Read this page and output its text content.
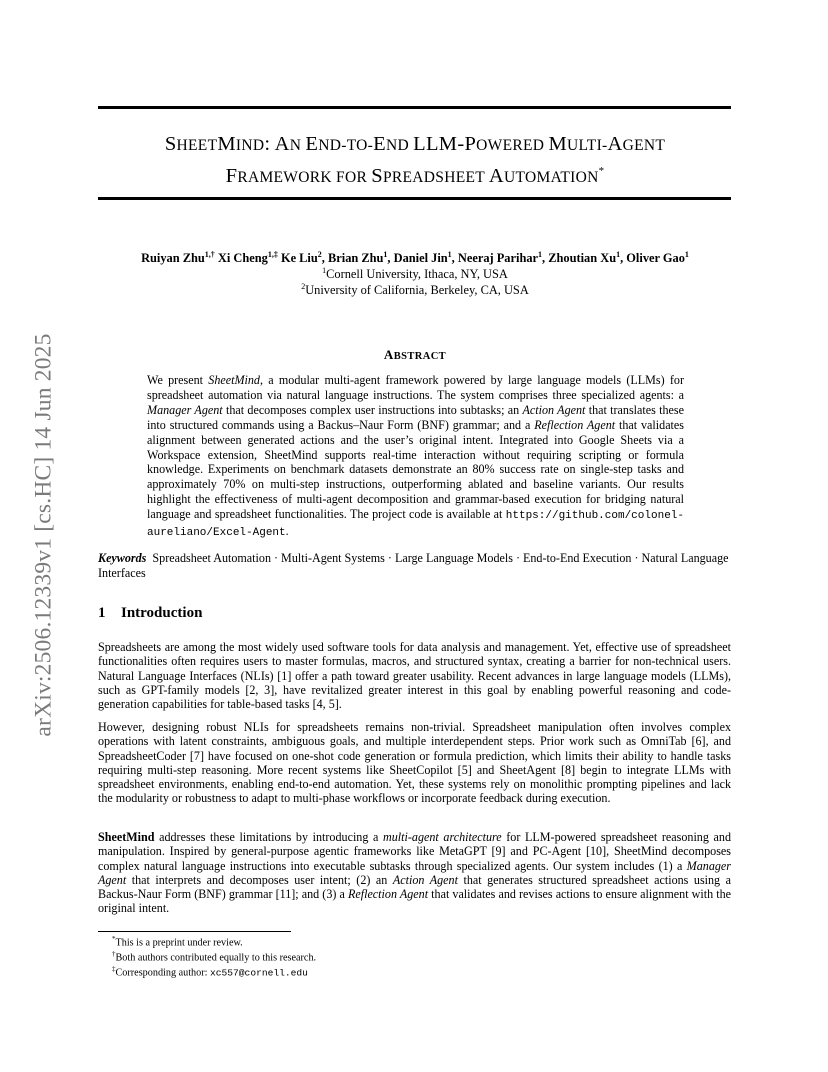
arXiv:2506.12339v1 [cs.HC] 14 Jun 2025
SHEETMIND: AN END-TO-END LLM-POWERED MULTI-AGENT
FRAMEWORK FOR SPREADSHEET AUTOMATION*
Ruiyan Zhu$^{1,\dagger}$ Xi Cheng$^{1,\ddagger}$ Ke Liu$^2$, Brian Zhu$^1$, Daniel Jin$^1$, Neeraj Parihar$^1$, Zhoutian Xu$^1$, Oliver Gao$^1$
$^1$Cornell University, Ithaca, NY, USA
$^2$University of California, Berkeley, CA, USA
ABSTRACT
We present SheetMind, a modular multi-agent framework powered by large language models (LLMs) for spreadsheet automation via natural language instructions. The system comprises three specialized agents: a Manager Agent that decomposes complex user instructions into subtasks; an Action Agent that translates these into structured commands using a Backus–Naur Form (BNF) grammar; and a Reflection Agent that validates alignment between generated actions and the user’s original intent. Integrated into Google Sheets via a Workspace extension, SheetMind supports real-time interaction without requiring scripting or formula knowledge. Experiments on benchmark datasets demonstrate an 80% success rate on single-step tasks and approximately 70% on multi-step instructions, outperforming ablated and baseline variants. Our results highlight the effectiveness of multi-agent decomposition and grammar-based execution for bridging natural language and spreadsheet functionalities. The project code is available at https://github.com/colonel-aureliano/Excel-Agent.
Keywords Spreadsheet Automation · Multi-Agent Systems · Large Language Models · End-to-End Execution · Natural Language Interfaces
1 Introduction
Spreadsheets are among the most widely used software tools for data analysis and management. Yet, effective use of spreadsheet functionalities often requires users to master formulas, macros, and structured syntax, creating a barrier for non-technical users. Natural Language Interfaces (NLIs) [1] offer a path toward greater usability. Recent advances in large language models (LLMs), such as GPT-family models [2, 3], have revitalized greater interest in this goal by enabling powerful reasoning and code-generation capabilities for table-based tasks [4, 5].
However, designing robust NLIs for spreadsheets remains non-trivial. Spreadsheet manipulation often involves complex operations with latent constraints, ambiguous goals, and multiple interdependent steps. Prior work such as OmniTab [6], and SpreadsheetCoder [7] have focused on one-shot code generation or formula prediction, which limits their ability to handle tasks requiring multi-step reasoning. More recent systems like SheetCopilot [5] and SheetAgent [8] begin to integrate LLMs with spreadsheet environments, enabling end-to-end automation. Yet, these systems rely on monolithic prompting pipelines and lack the modularity or robustness to adapt to multi-phase workflows or incorporate feedback during execution.
SheetMind addresses these limitations by introducing a multi-agent architecture for LLM-powered spreadsheet reasoning and manipulation. Inspired by general-purpose agentic frameworks like MetaGPT [9] and PC-Agent [10], SheetMind decomposes complex natural language instructions into executable subtasks through specialized agents. Our system includes (1) a Manager Agent that interprets and decomposes user intent; (2) an Action Agent that generates structured spreadsheet actions using a Backus-Naur Form (BNF) grammar [11]; and (3) a Reflection Agent that validates and revises actions to ensure alignment with the original intent.
*This is a preprint under review.
†Both authors contributed equally to this research.
‡Corresponding author: xc557@cornell.edu
